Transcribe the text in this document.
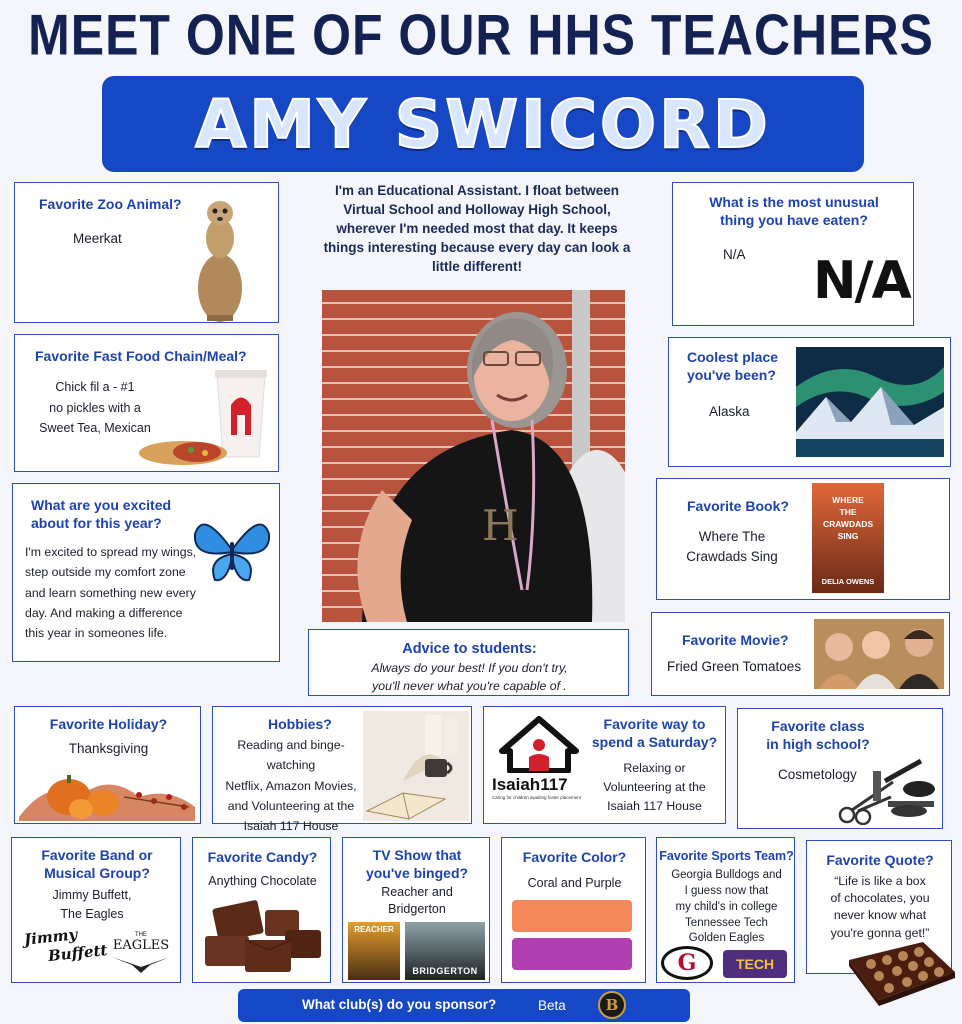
MEET ONE OF OUR HHS TEACHERS
AMY SWICORD
I'm an Educational Assistant. I float between Virtual School and Holloway High School, wherever I'm needed most that day. It keeps things interesting because every day can look a little different!
H
Favorite Zoo Animal?
Meerkat
Favorite Fast Food Chain/Meal?
Chick fil a - #1
no pickles with a
Sweet Tea, Mexican
What are you excited
about for this year?
I'm excited to spread my wings,
step outside my comfort zone
and learn something new every
day. And making a difference
this year in someones life.
What is the most unusual
thing you have eaten?
N/A N/A
Coolest place
you've been?
Alaska
Favorite Book?
Where The
Crawdads Sing
WHERE
THE
CRAWDADS
SING
DELIA OWENS
Favorite Movie?
Fried Green Tomatoes
Advice to students:
Always do your best! If you don't try,
you'll never what you're capable of .
Favorite Holiday?
Thanksgiving
Hobbies?
Reading and binge-watching
Netflix, Amazon Movies,
and Volunteering at the
Isaiah 117 House
Favorite way to
spend a Saturday?
Relaxing or
Volunteering at the
Isaiah 117 House
Isaiah117
Caring for children awaiting foster placement
Favorite class
in high school?
Cosmetology
Favorite Band or
Musical Group?
Jimmy Buffett,
The Eagles
Jimmy
Buffett
THE
EAGLES
Favorite Candy?
Anything Chocolate
TV Show that
you've binged?
Reacher and
Bridgerton
REACHER
BRIDGERTON
Favorite Color?
Coral and Purple
Favorite Sports Team?
Georgia Bulldogs and
I guess now that
my child's in college
Tennessee Tech
Golden Eagles
G	TECH
Favorite Quote?
“Life is like a box
of chocolates, you
never know what
you're gonna get!”
What club(s) do you sponsor?	Beta	B
